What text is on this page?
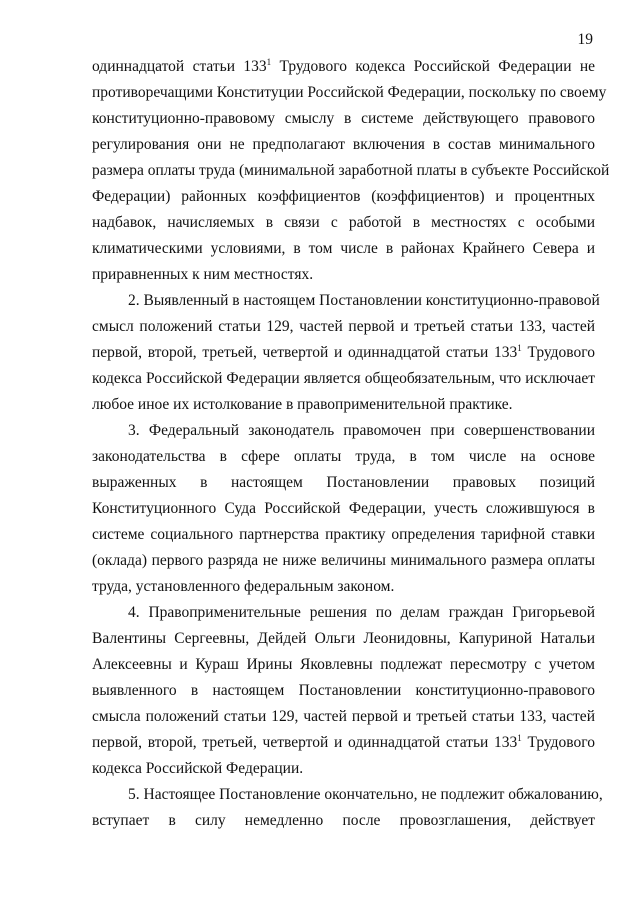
19
одиннадцатой статьи $133^1$ Трудового кодекса Российской Федерации не
противоречащими Конституции Российской Федерации, поскольку по своему
конституционно-правовому смыслу в системе действующего правового
регулирования они не предполагают включения в состав минимального
размера оплаты труда (минимальной заработной платы в субъекте Российской
Федерации) районных коэффициентов (коэффициентов) и процентных
надбавок, начисляемых в связи с работой в местностях с особыми
климатическими условиями, в том числе в районах Крайнего Севера и
приравненных к ним местностях.
2. Выявленный в настоящем Постановлении конституционно-правовой
смысл положений статьи 129, частей первой и третьей статьи 133, частей
первой, второй, третьей, четвертой и одиннадцатой статьи $133^1$ Трудового
кодекса Российской Федерации является общеобязательным, что исключает
любое иное их истолкование в правоприменительной практике.
3. Федеральный законодатель правомочен при совершенствовании
законодательства в сфере оплаты труда, в том числе на основе
выраженных в настоящем Постановлении правовых позиций
Конституционного Суда Российской Федерации, учесть сложившуюся в
системе социального партнерства практику определения тарифной ставки
(оклада) первого разряда не ниже величины минимального размера оплаты
труда, установленного федеральным законом.
4. Правоприменительные решения по делам граждан Григорьевой
Валентины Сергеевны, Дейдей Ольги Леонидовны, Капуриной Натальи
Алексеевны и Кураш Ирины Яковлевны подлежат пересмотру с учетом
выявленного в настоящем Постановлении конституционно-правового
смысла положений статьи 129, частей первой и третьей статьи 133, частей
первой, второй, третьей, четвертой и одиннадцатой статьи $133^1$ Трудового
кодекса Российской Федерации.
5. Настоящее Постановление окончательно, не подлежит обжалованию,
вступает в силу немедленно после провозглашения, действует
